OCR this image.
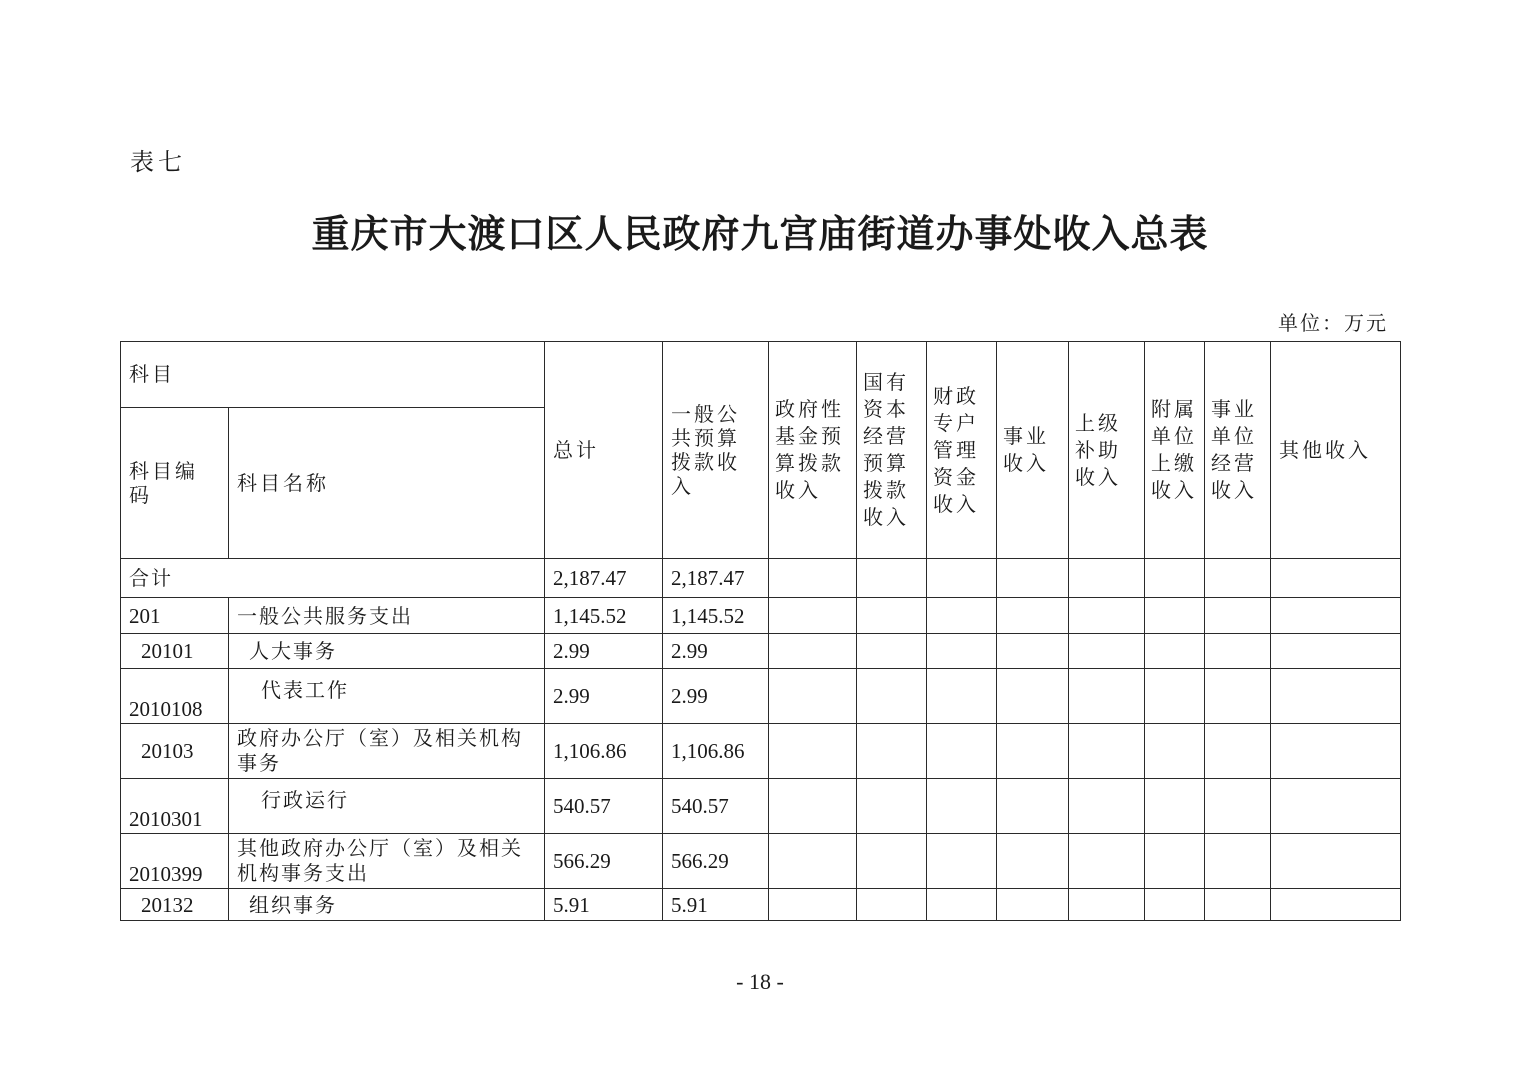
表七
重庆市大渡口区人民政府九宫庙街道办事处收入总表
单位：万元
科目		总计	一般公共预算拨款收入	政府性基金预算拨款收入	国有资本经营预算拨款收入	财政专户管理资金收入	事业收入	上级补助收入	附属单位上缴收入	事业单位经营收入	其他收入
科目编码	科目名称										
合计		2,187.47	2,187.47								
201	一般公共服务支出	1,145.52	1,145.52								
20101	人大事务	2.99	2.99								
2010108	代表工作	2.99	2.99								
20103	政府办公厅（室）及相关机构事务	1,106.86	1,106.86								
2010301	行政运行	540.57	540.57								
2010399	其他政府办公厅（室）及相关机构事务支出	566.29	566.29								
20132	组织事务	5.91	5.91								
- 18 -
